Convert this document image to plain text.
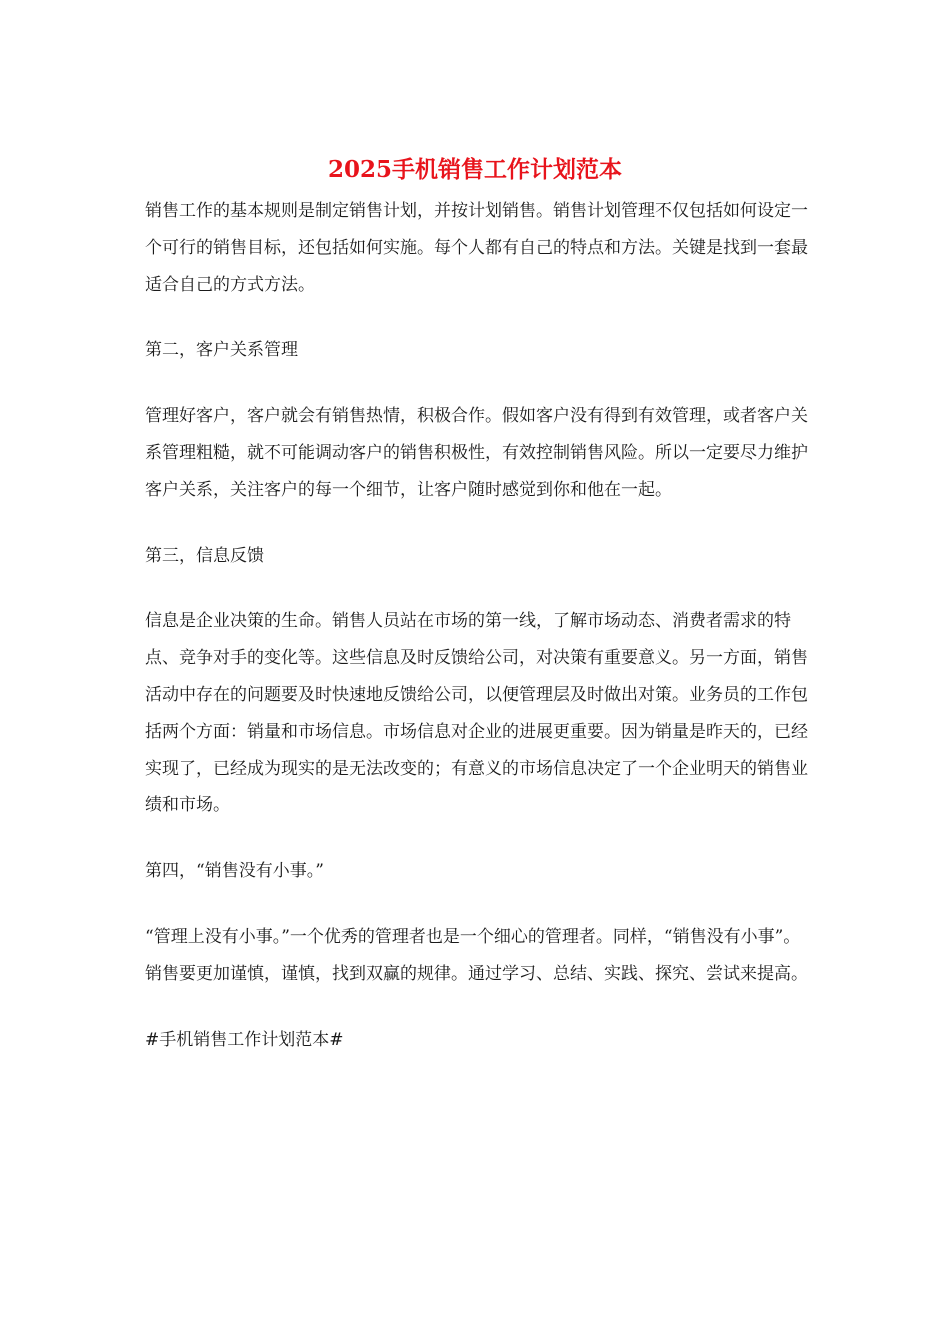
2025手机销售工作计划范本

销售工作的基本规则是制定销售计划，并按计划销售。销售计划管理不仅包括如何设定一个可行的销售目标，还包括如何实施。每个人都有自己的特点和方法。关键是找到一套最适合自己的方式方法。

第二，客户关系管理

管理好客户，客户就会有销售热情，积极合作。假如客户没有得到有效管理，或者客户关系管理粗糙，就不可能调动客户的销售积极性，有效控制销售风险。所以一定要尽力维护客户关系，关注客户的每一个细节，让客户随时感觉到你和他在一起。

第三，信息反馈

信息是企业决策的生命。销售人员站在市场的第一线，了解市场动态、消费者需求的特点、竞争对手的变化等。这些信息及时反馈给公司，对决策有重要意义。另一方面，销售活动中存在的问题要及时快速地反馈给公司，以便管理层及时做出对策。业务员的工作包括两个方面：销量和市场信息。市场信息对企业的进展更重要。因为销量是昨天的，已经实现了，已经成为现实的是无法改变的；有意义的市场信息决定了一个企业明天的销售业绩和市场。

第四，“销售没有小事。”

“管理上没有小事。”一个优秀的管理者也是一个细心的管理者。同样，“销售没有小事”。销售要更加谨慎，谨慎，找到双赢的规律。通过学习、总结、实践、探究、尝试来提高。

#手机销售工作计划范本#
